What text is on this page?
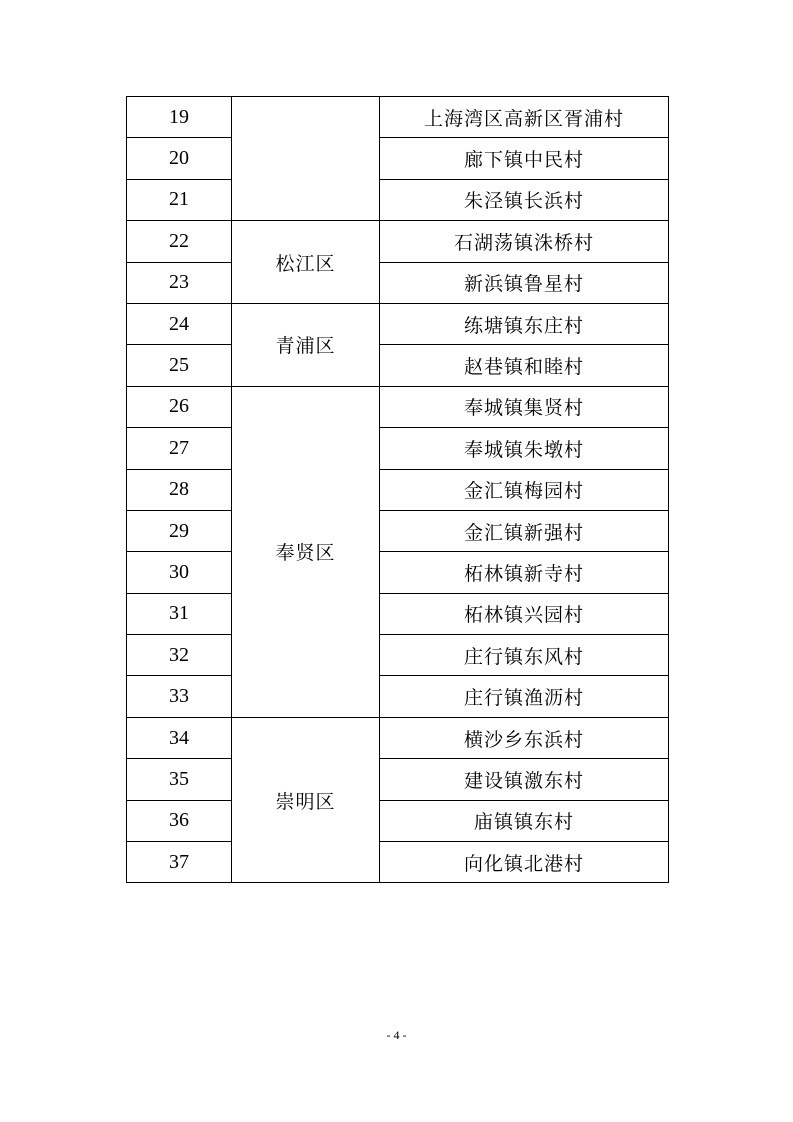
19		上海湾区高新区胥浦村
20		廊下镇中民村
21		朱泾镇长浜村
22	松江区	石湖荡镇洙桥村
23		新浜镇鲁星村
24	青浦区	练塘镇东庄村
25		赵巷镇和睦村
26	奉贤区	奉城镇集贤村
27		奉城镇朱墩村
28		金汇镇梅园村
29		金汇镇新强村
30		柘林镇新寺村
31		柘林镇兴园村
32		庄行镇东风村
33		庄行镇渔沥村
34	崇明区	横沙乡东浜村
35		建设镇激东村
36		庙镇镇东村
37		向化镇北港村
- 4 -
